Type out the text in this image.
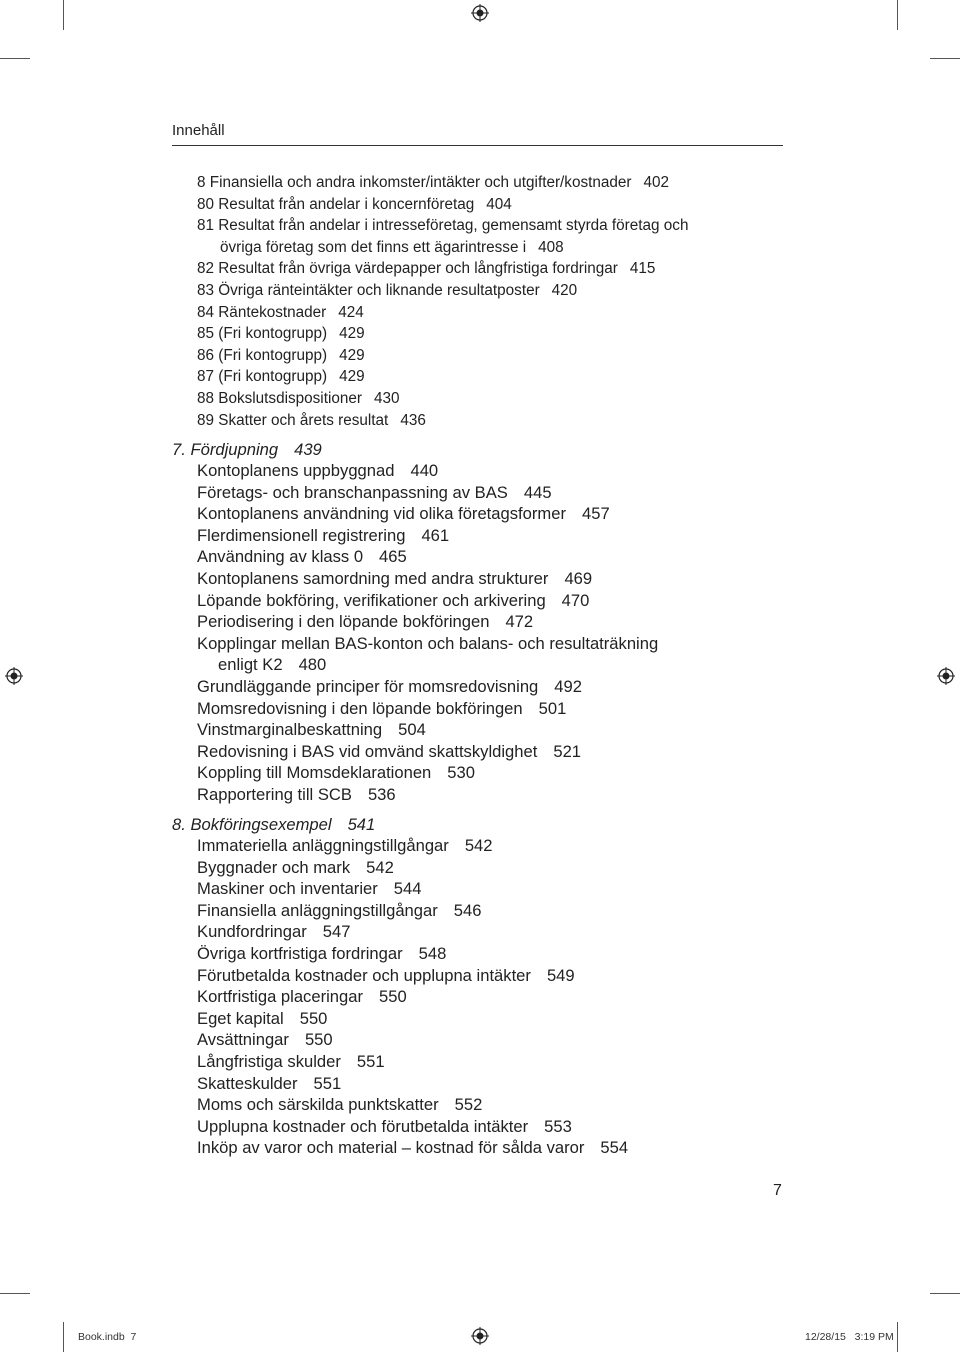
Innehåll
8 Finansiella och andra inkomster/intäkter och utgifter/kostnader 402
80 Resultat från andelar i koncernföretag 404
81 Resultat från andelar i intresseföretag, gemensamt styrda företag och
övriga företag som det finns ett ägarintresse i 408
82 Resultat från övriga värdepapper och långfristiga fordringar 415
83 Övriga ränteintäkter och liknande resultatposter 420
84 Räntekostnader 424
85 (Fri kontogrupp) 429
86 (Fri kontogrupp) 429
87 (Fri kontogrupp) 429
88 Bokslutsdispositioner 430
89 Skatter och årets resultat 436
7. Fördjupning 439
Kontoplanens uppbyggnad 440
Företags- och branschanpassning av BAS 445
Kontoplanens användning vid olika företagsformer 457
Flerdimensionell registrering 461
Användning av klass 0 465
Kontoplanens samordning med andra strukturer 469
Löpande bokföring, verifikationer och arkivering 470
Periodisering i den löpande bokföringen 472
Kopplingar mellan BAS-konton och balans- och resultaträkning
enligt K2 480
Grundläggande principer för momsredovisning 492
Momsredovisning i den löpande bokföringen 501
Vinstmarginalbeskattning 504
Redovisning i BAS vid omvänd skattskyldighet 521
Koppling till Momsdeklarationen 530
Rapportering till SCB 536
8. Bokföringsexempel 541
Immateriella anläggningstillgångar 542
Byggnader och mark 542
Maskiner och inventarier 544
Finansiella anläggningstillgångar 546
Kundfordringar 547
Övriga kortfristiga fordringar 548
Förutbetalda kostnader och upplupna intäkter 549
Kortfristiga placeringar 550
Eget kapital 550
Avsättningar 550
Långfristiga skulder 551
Skatteskulder 551
Moms och särskilda punktskatter 552
Upplupna kostnader och förutbetalda intäkter 553
Inköp av varor och material – kostnad för sålda varor 554
7
Book.indb 7	12/28/15 3:19 PM
